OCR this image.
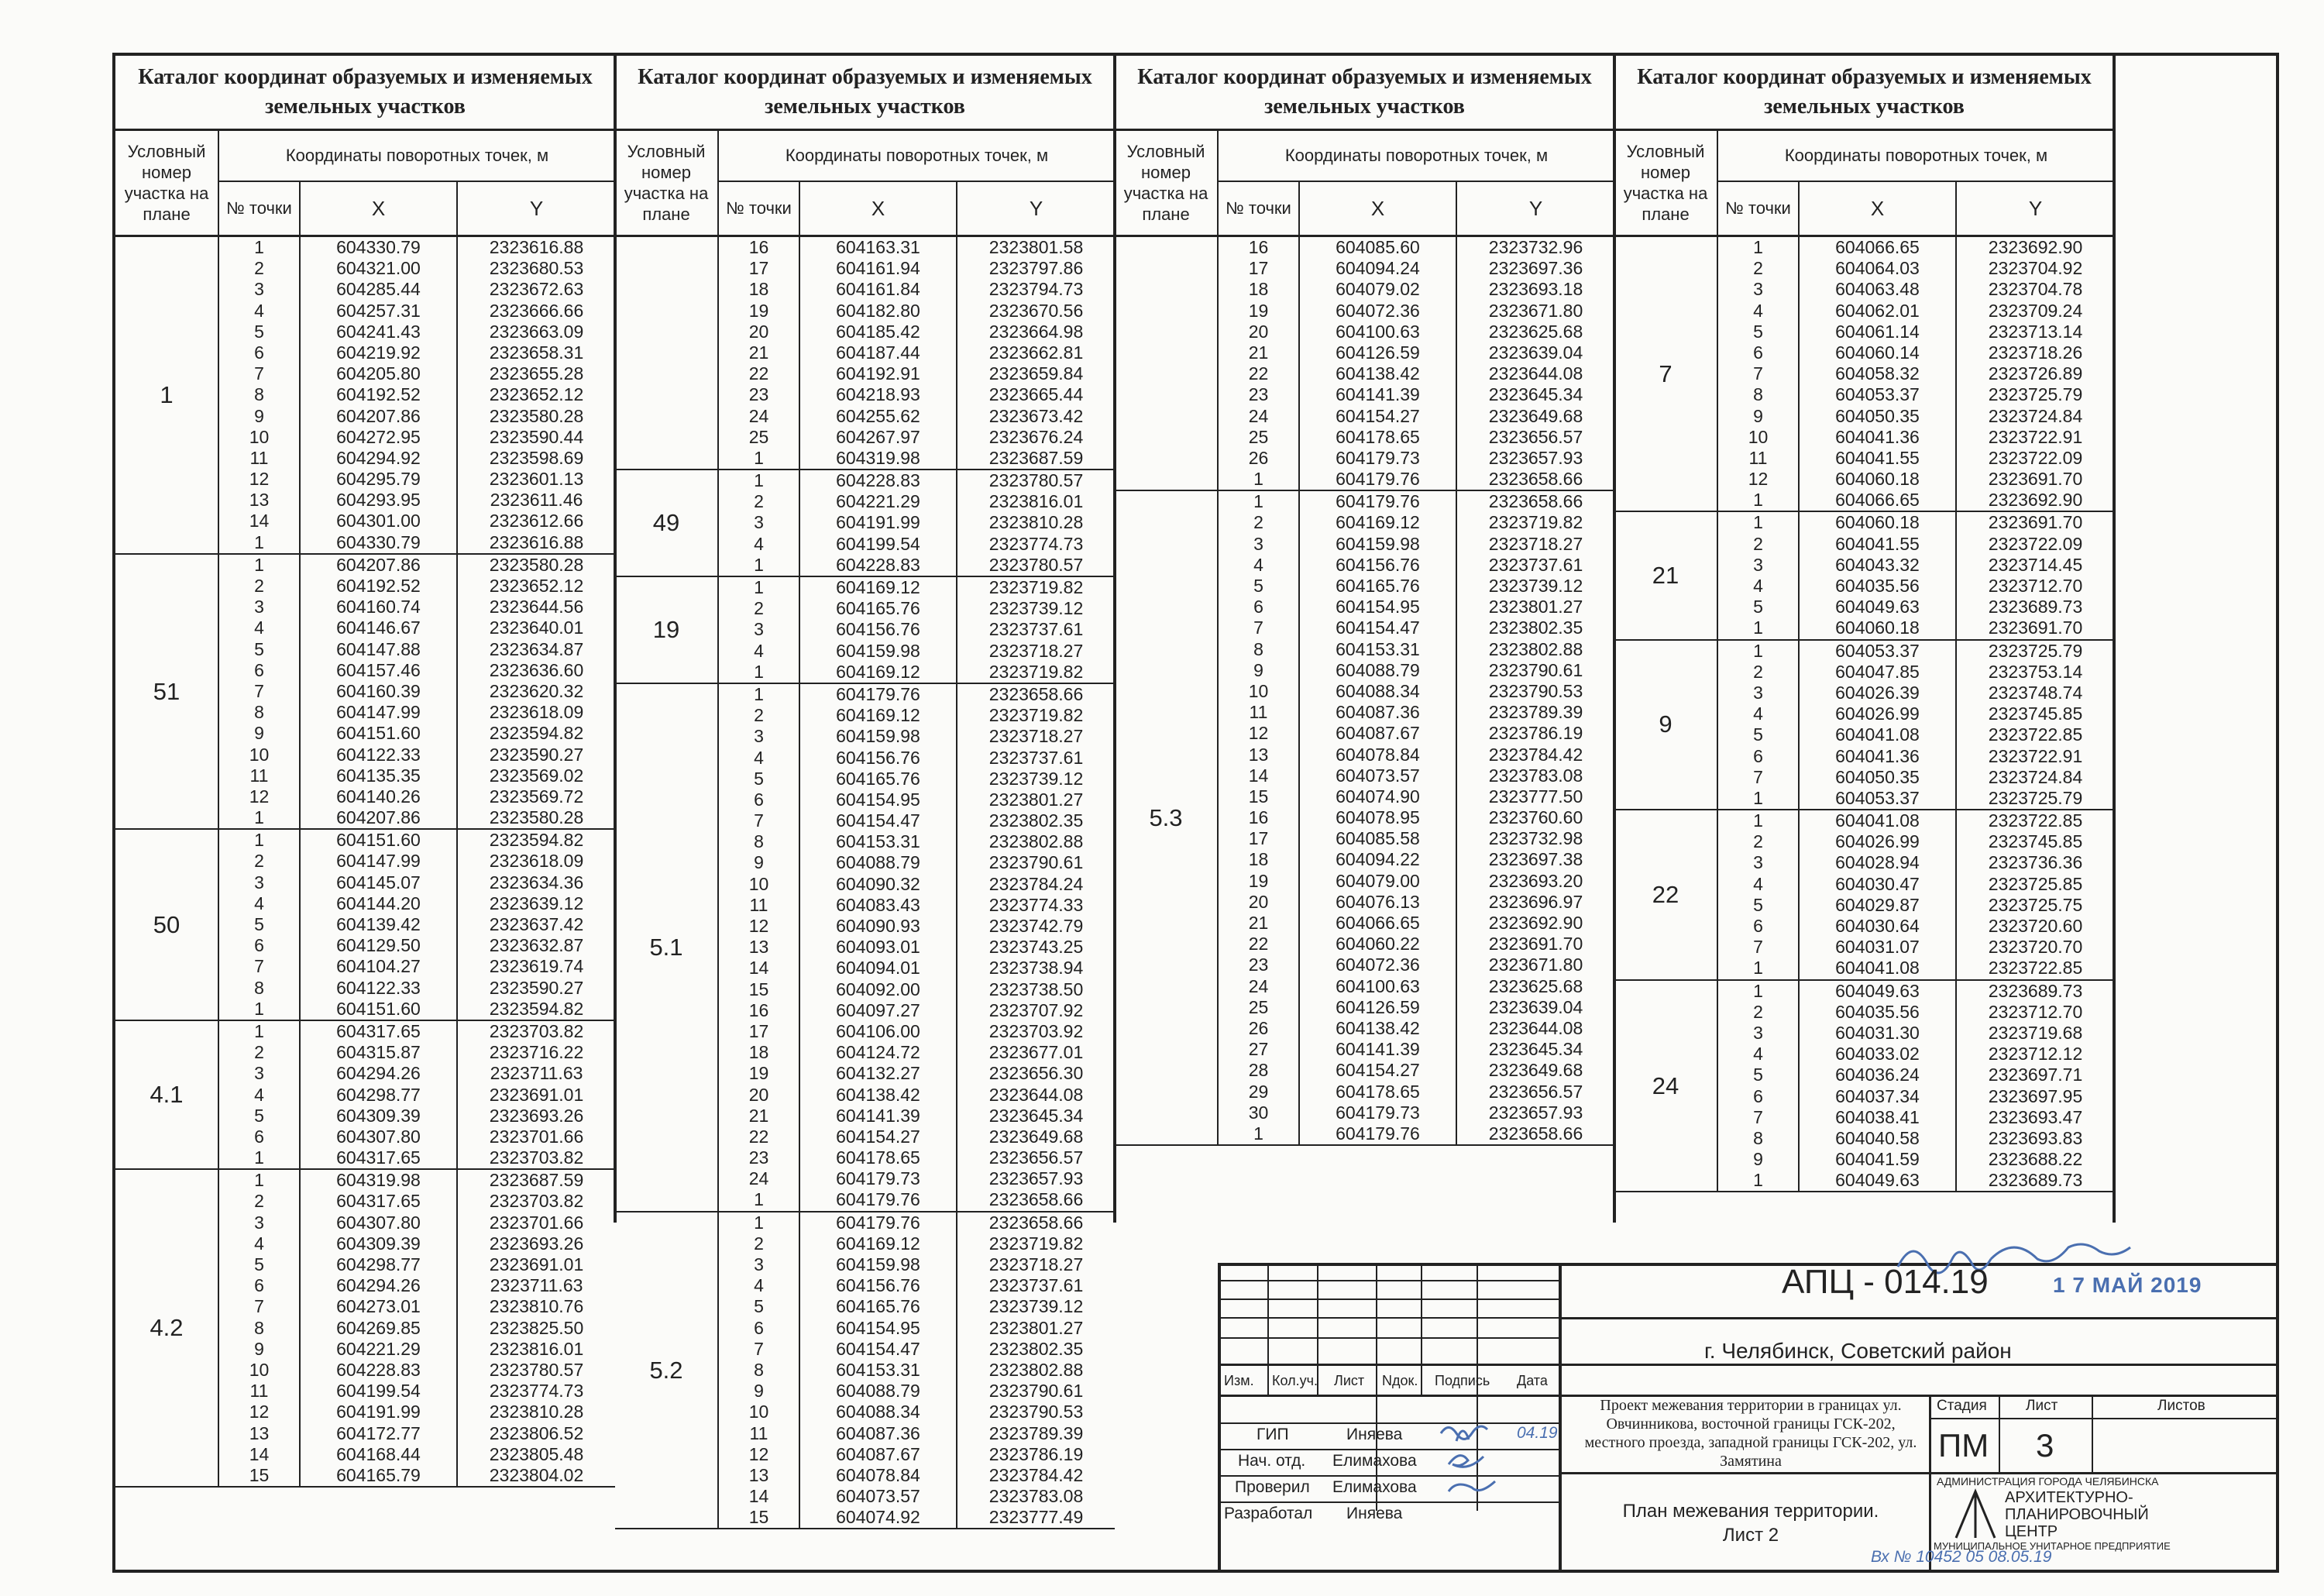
Каталог координат образуемых и изменяемых земельных участков
Условный номер участка на плане
Координаты поворотных точек, м
№ точки	X	Y
1
1	604330.79	2323616.88
2	604321.00	2323680.53
3	604285.44	2323672.63
4	604257.31	2323666.66
5	604241.43	2323663.09
6	604219.92	2323658.31
7	604205.80	2323655.28
8	604192.52	2323652.12
9	604207.86	2323580.28
10	604272.95	2323590.44
11	604294.92	2323598.69
12	604295.79	2323601.13
13	604293.95	2323611.46
14	604301.00	2323612.66
1	604330.79	2323616.88
51
1	604207.86	2323580.28
2	604192.52	2323652.12
3	604160.74	2323644.56
4	604146.67	2323640.01
5	604147.88	2323634.87
6	604157.46	2323636.60
7	604160.39	2323620.32
8	604147.99	2323618.09
9	604151.60	2323594.82
10	604122.33	2323590.27
11	604135.35	2323569.02
12	604140.26	2323569.72
1	604207.86	2323580.28
50
1	604151.60	2323594.82
2	604147.99	2323618.09
3	604145.07	2323634.36
4	604144.20	2323639.12
5	604139.42	2323637.42
6	604129.50	2323632.87
7	604104.27	2323619.74
8	604122.33	2323590.27
1	604151.60	2323594.82
4.1
1	604317.65	2323703.82
2	604315.87	2323716.22
3	604294.26	2323711.63
4	604298.77	2323691.01
5	604309.39	2323693.26
6	604307.80	2323701.66
1	604317.65	2323703.82
4.2
1	604319.98	2323687.59
2	604317.65	2323703.82
3	604307.80	2323701.66
4	604309.39	2323693.26
5	604298.77	2323691.01
6	604294.26	2323711.63
7	604273.01	2323810.76
8	604269.85	2323825.50
9	604221.29	2323816.01
10	604228.83	2323780.57
11	604199.54	2323774.73
12	604191.99	2323810.28
13	604172.77	2323806.52
14	604168.44	2323805.48
15	604165.79	2323804.02
Каталог координат образуемых и изменяемых земельных участков
Условный номер участка на плане
Координаты поворотных точек, м
№ точки	X	Y
16	604163.31	2323801.58
17	604161.94	2323797.86
18	604161.84	2323794.73
19	604182.80	2323670.56
20	604185.42	2323664.98
21	604187.44	2323662.81
22	604192.91	2323659.84
23	604218.93	2323665.44
24	604255.62	2323673.42
25	604267.97	2323676.24
1	604319.98	2323687.59
49
1	604228.83	2323780.57
2	604221.29	2323816.01
3	604191.99	2323810.28
4	604199.54	2323774.73
1	604228.83	2323780.57
19
1	604169.12	2323719.82
2	604165.76	2323739.12
3	604156.76	2323737.61
4	604159.98	2323718.27
1	604169.12	2323719.82
5.1
1	604179.76	2323658.66
2	604169.12	2323719.82
3	604159.98	2323718.27
4	604156.76	2323737.61
5	604165.76	2323739.12
6	604154.95	2323801.27
7	604154.47	2323802.35
8	604153.31	2323802.88
9	604088.79	2323790.61
10	604090.32	2323784.24
11	604083.43	2323774.33
12	604090.93	2323742.79
13	604093.01	2323743.25
14	604094.01	2323738.94
15	604092.00	2323738.50
16	604097.27	2323707.92
17	604106.00	2323703.92
18	604124.72	2323677.01
19	604132.27	2323656.30
20	604138.42	2323644.08
21	604141.39	2323645.34
22	604154.27	2323649.68
23	604178.65	2323656.57
24	604179.73	2323657.93
1	604179.76	2323658.66
5.2
1	604179.76	2323658.66
2	604169.12	2323719.82
3	604159.98	2323718.27
4	604156.76	2323737.61
5	604165.76	2323739.12
6	604154.95	2323801.27
7	604154.47	2323802.35
8	604153.31	2323802.88
9	604088.79	2323790.61
10	604088.34	2323790.53
11	604087.36	2323789.39
12	604087.67	2323786.19
13	604078.84	2323784.42
14	604073.57	2323783.08
15	604074.92	2323777.49
Каталог координат образуемых и изменяемых земельных участков
Условный номер участка на плане
Координаты поворотных точек, м
№ точки	X	Y
16	604085.60	2323732.96
17	604094.24	2323697.36
18	604079.02	2323693.18
19	604072.36	2323671.80
20	604100.63	2323625.68
21	604126.59	2323639.04
22	604138.42	2323644.08
23	604141.39	2323645.34
24	604154.27	2323649.68
25	604178.65	2323656.57
26	604179.73	2323657.93
1	604179.76	2323658.66
5.3
1	604179.76	2323658.66
2	604169.12	2323719.82
3	604159.98	2323718.27
4	604156.76	2323737.61
5	604165.76	2323739.12
6	604154.95	2323801.27
7	604154.47	2323802.35
8	604153.31	2323802.88
9	604088.79	2323790.61
10	604088.34	2323790.53
11	604087.36	2323789.39
12	604087.67	2323786.19
13	604078.84	2323784.42
14	604073.57	2323783.08
15	604074.90	2323777.50
16	604078.95	2323760.60
17	604085.58	2323732.98
18	604094.22	2323697.38
19	604079.00	2323693.20
20	604076.13	2323696.97
21	604066.65	2323692.90
22	604060.22	2323691.70
23	604072.36	2323671.80
24	604100.63	2323625.68
25	604126.59	2323639.04
26	604138.42	2323644.08
27	604141.39	2323645.34
28	604154.27	2323649.68
29	604178.65	2323656.57
30	604179.73	2323657.93
1	604179.76	2323658.66
Каталог координат образуемых и изменяемых земельных участков
Условный номер участка на плане
Координаты поворотных точек, м
№ точки	X	Y
7
1	604066.65	2323692.90
2	604064.03	2323704.92
3	604063.48	2323704.78
4	604062.01	2323709.24
5	604061.14	2323713.14
6	604060.14	2323718.26
7	604058.32	2323726.89
8	604053.37	2323725.79
9	604050.35	2323724.84
10	604041.36	2323722.91
11	604041.55	2323722.09
12	604060.18	2323691.70
1	604066.65	2323692.90
21
1	604060.18	2323691.70
2	604041.55	2323722.09
3	604043.32	2323714.45
4	604035.56	2323712.70
5	604049.63	2323689.73
1	604060.18	2323691.70
9
1	604053.37	2323725.79
2	604047.85	2323753.14
3	604026.39	2323748.74
4	604026.99	2323745.85
5	604041.08	2323722.85
6	604041.36	2323722.91
7	604050.35	2323724.84
1	604053.37	2323725.79
22
1	604041.08	2323722.85
2	604026.99	2323745.85
3	604028.94	2323736.36
4	604030.47	2323725.85
5	604029.87	2323725.75
6	604030.64	2323720.60
7	604031.07	2323720.70
1	604041.08	2323722.85
24
1	604049.63	2323689.73
2	604035.56	2323712.70
3	604031.30	2323719.68
4	604033.02	2323712.12
5	604036.24	2323697.71
6	604037.34	2323697.95
7	604038.41	2323693.47
8	604040.58	2323693.83
9	604041.59	2323688.22
1	604049.63	2323689.73
Изм. Кол.уч. Лист Nдок. Подпись Дата
ГИП	Иняева	04.19
Нач. отд. Елимахова
Проверил Елимахова
Разработал Иняева
АПЦ - 014.19	1 7 МАЙ 2019
г. Челябинск, Советский район
Проект межевания территории в границах ул. Овчинникова, восточной границы ГСК-202, местного проезда, западной границы ГСК-202, ул. Замятина
План межевания территории.
Лист 2
Стадия	Лист	Листов
ПМ 3
АДМИНИСТРАЦИЯ ГОРОДА ЧЕЛЯБИНСКА
АРХИТЕКТУРНО-
ПЛАНИРОВОЧНЫЙ
ЦЕНТР
МУНИЦИПАЛЬНОЕ УНИТАРНОЕ ПРЕДПРИЯТИЕ
Вх № 10452 05 08.05.19
